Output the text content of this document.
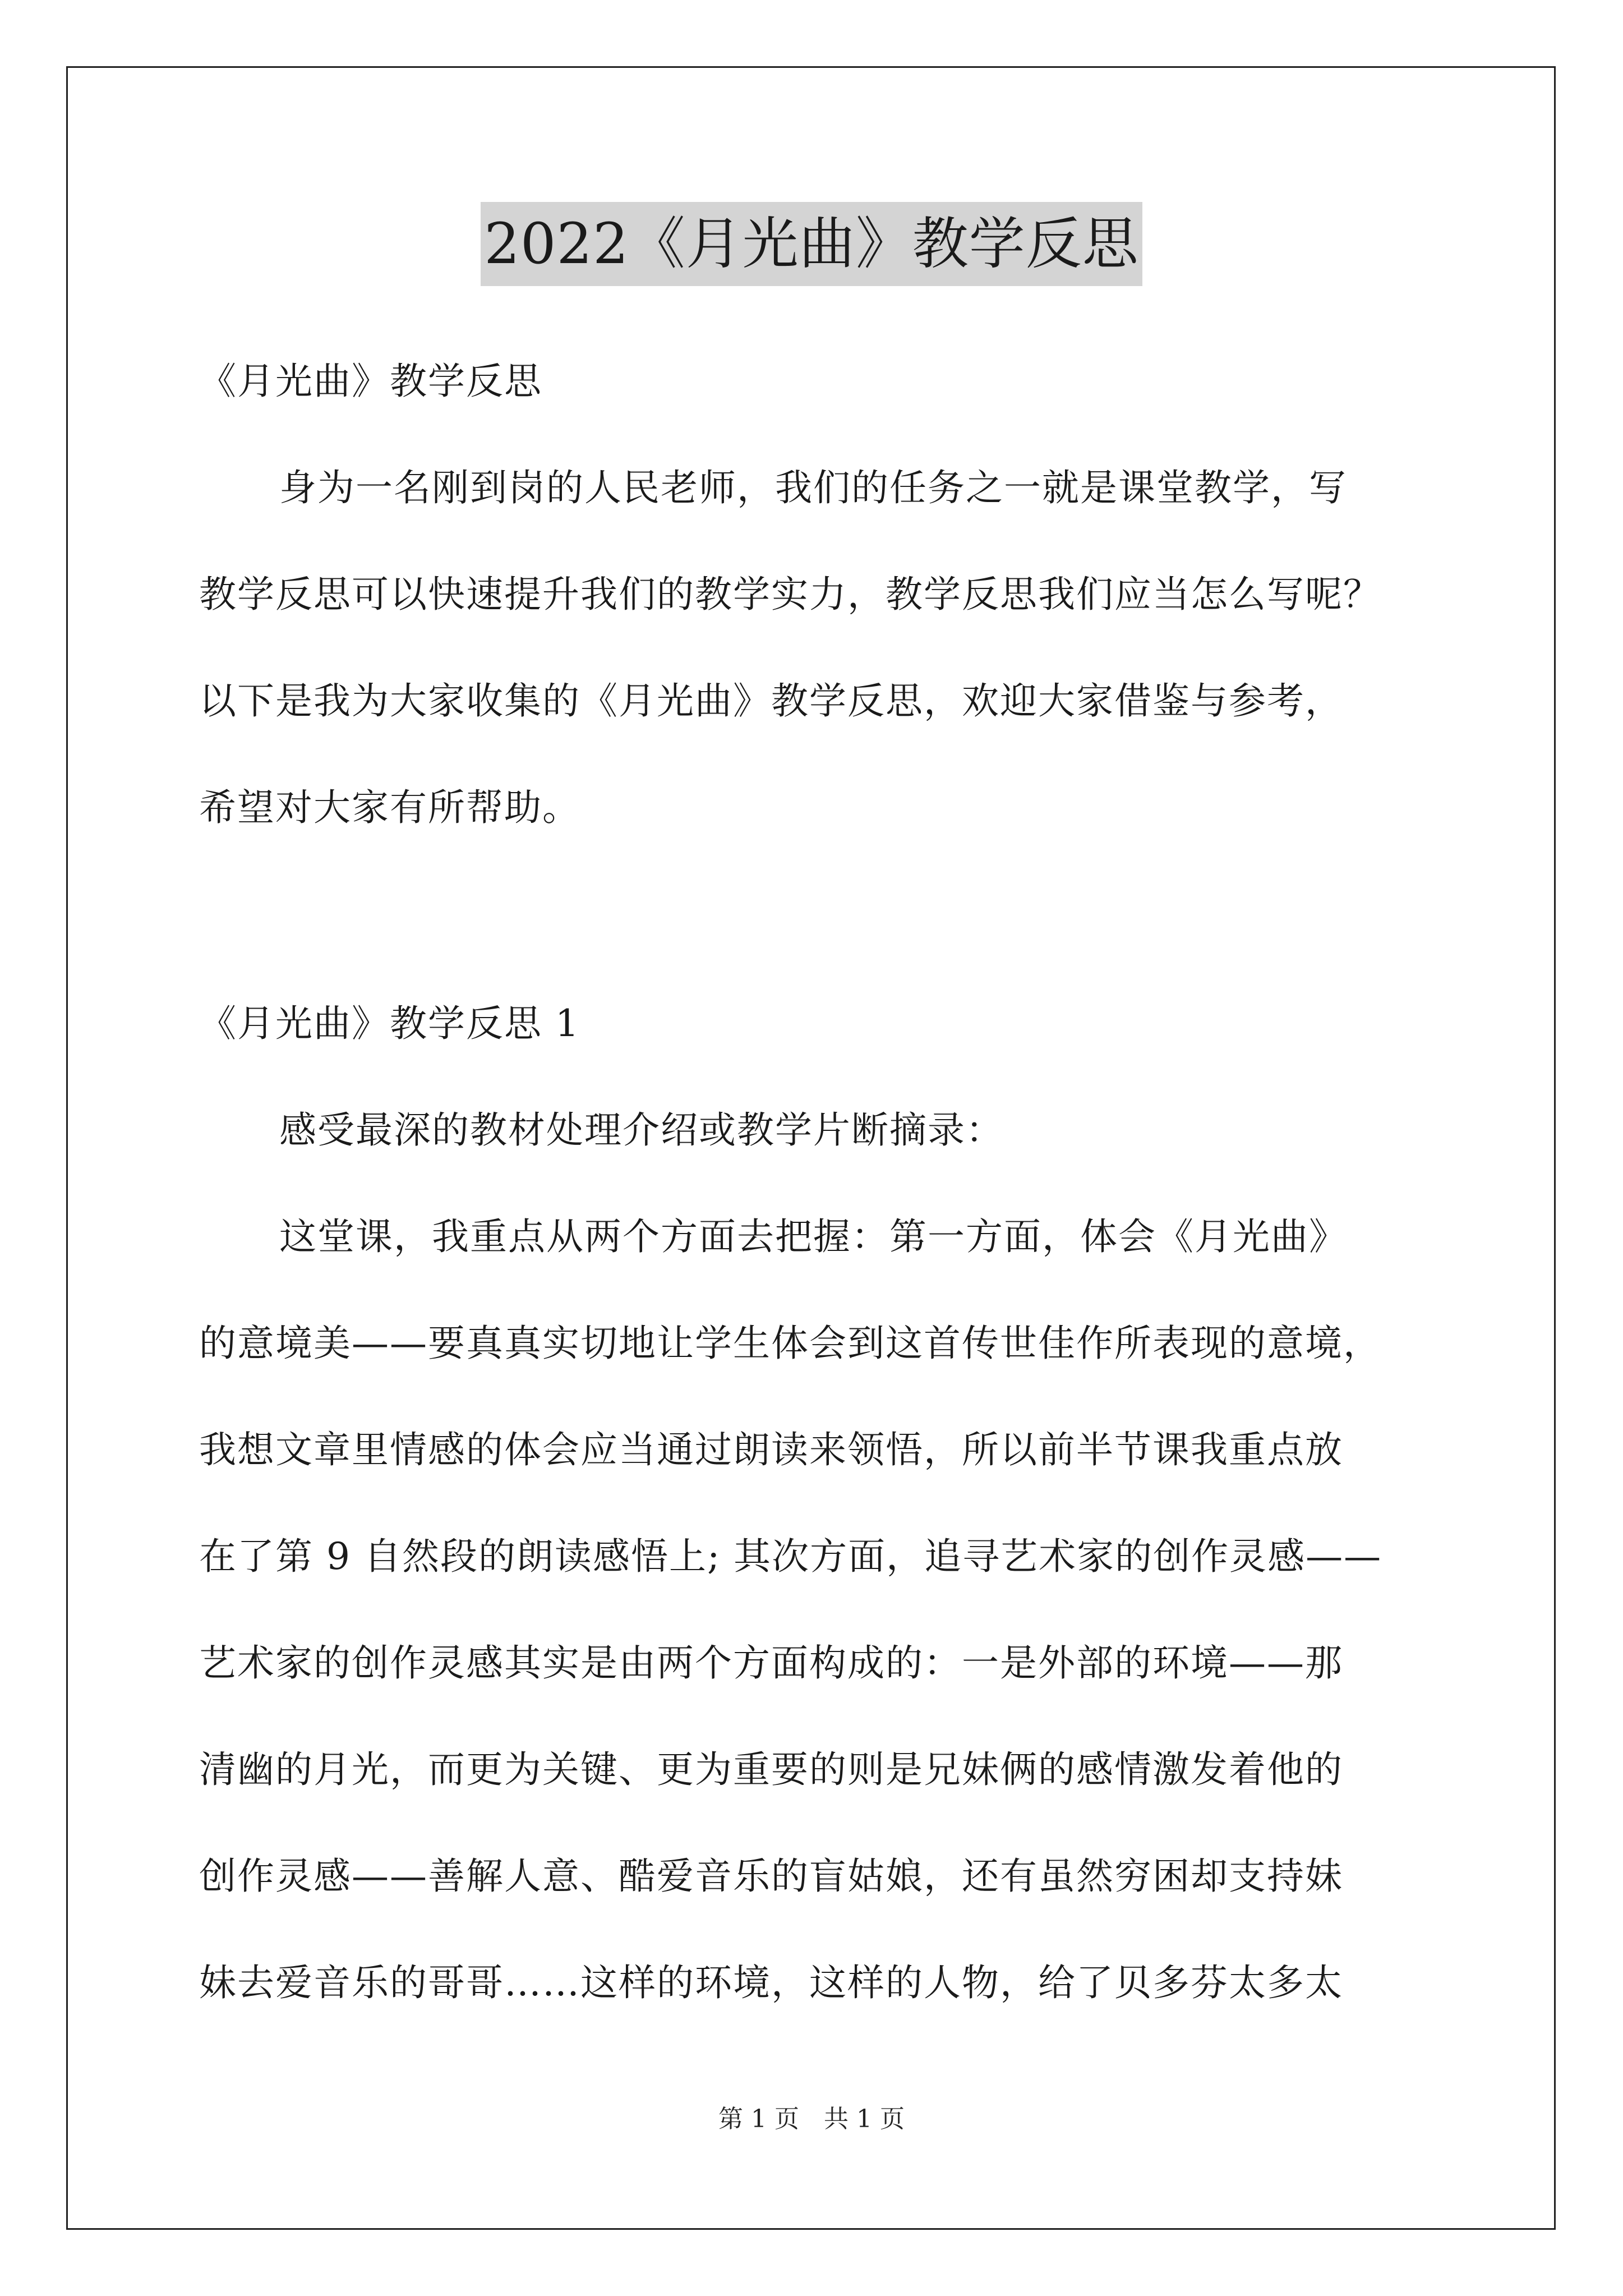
2022《月光曲》教学反思
《月光曲》教学反思
身为一名刚到岗的人民老师，我们的任务之一就是课堂教学，写
教学反思可以快速提升我们的教学实力，教学反思我们应当怎么写呢？
以下是我为大家收集的《月光曲》教学反思，欢迎大家借鉴与参考，
希望对大家有所帮助。
《月光曲》教学反思 1
感受最深的教材处理介绍或教学片断摘录：
这堂课，我重点从两个方面去把握：第一方面，体会《月光曲》
的意境美——要真真实切地让学生体会到这首传世佳作所表现的意境，
我想文章里情感的体会应当通过朗读来领悟，所以前半节课我重点放
在了第 9 自然段的朗读感悟上; 其次方面，追寻艺术家的创作灵感——
艺术家的创作灵感其实是由两个方面构成的：一是外部的环境——那
清幽的月光，而更为关键、更为重要的则是兄妹俩的感情激发着他的
创作灵感——善解人意、酷爱音乐的盲姑娘，还有虽然穷困却支持妹
妹去爱音乐的哥哥……这样的环境，这样的人物，给了贝多芬太多太
第 1 页　共 1 页
